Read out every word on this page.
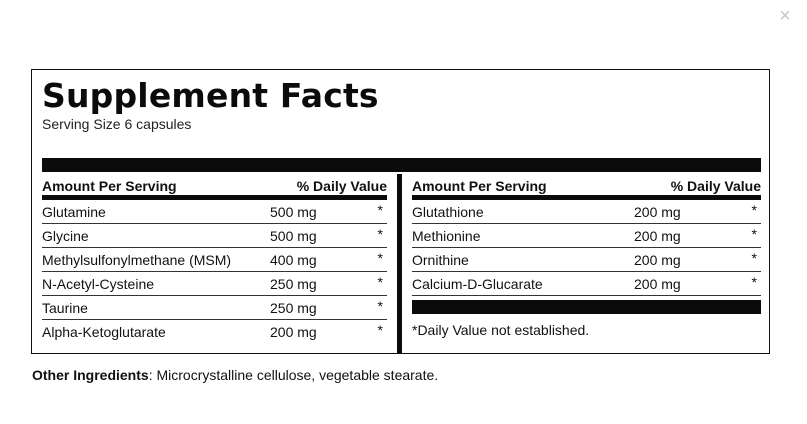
×
Supplement Facts
Serving Size 6 capsules
Amount Per Serving	% Daily Value
Glutamine	500 mg	*
Glycine	500 mg	*
Methylsulfonylmethane (MSM)	400 mg	*
N-Acetyl-Cysteine	250 mg	*
Taurine	250 mg	*
Alpha-Ketoglutarate	200 mg	*
Amount Per Serving	% Daily Value
Glutathione	200 mg	*
Methionine	200 mg	*
Ornithine	200 mg	*
Calcium-D-Glucarate	200 mg	*
*Daily Value not established.
Other Ingredients: Microcrystalline cellulose, vegetable stearate.
